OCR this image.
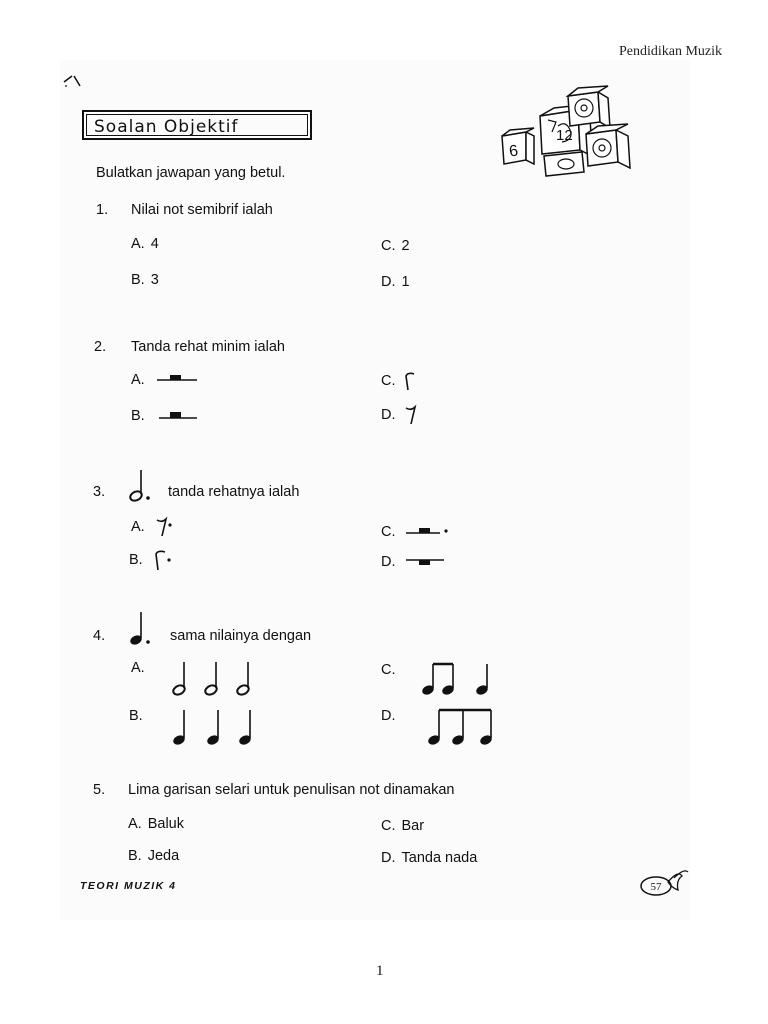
Pendidikan Muzik
Soalan Objektif
6
12
Bulatkan jawapan yang betul.
1. Nilai not semibrif ialah
A. 4
B. 3
C. 2
D. 1
2. Tanda rehat minim ialah
A.
B.
C.
D.
3.	tanda rehatnya ialah
A.
B.
C.
D.
4.	sama nilainya dengan
A.
B.
C.
D.
5. Lima garisan selari untuk penulisan not dinamakan
A. Baluk
B. Jeda
C. Bar
D. Tanda nada
TEORI MUZIK 4	57
1
